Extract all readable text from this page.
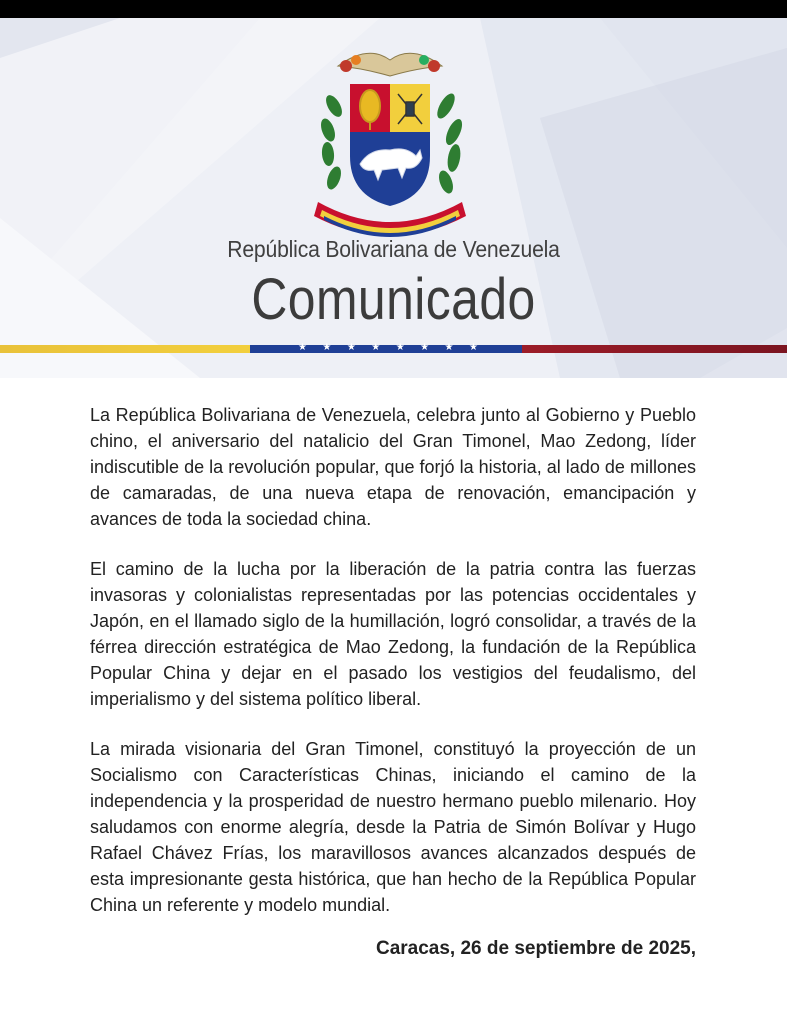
República Bolivariana de Venezuela
Comunicado
★ ★ ★ ★ ★ ★ ★ ★

La República Bolivariana de Venezuela, celebra junto al Gobierno y Pueblo chino, el aniversario del natalicio del Gran Timonel, Mao Zedong, líder indiscutible de la revolución popular, que forjó la historia, al lado de millones de camaradas, de una nueva etapa de renovación, emancipación y avances de toda la sociedad china.

El camino de la lucha por la liberación de la patria contra las fuerzas invasoras y colonialistas representadas por las potencias occidentales y Japón, en el llamado siglo de la humillación, logró consolidar, a través de la férrea dirección estratégica de Mao Zedong, la fundación de la República Popular China y dejar en el pasado los vestigios del feudalismo, del imperialismo y del sistema político liberal.

La mirada visionaria del Gran Timonel, constituyó la proyección de un Socialismo con Características Chinas, iniciando el camino de la independencia y la prosperidad de nuestro hermano pueblo milenario. Hoy saludamos con enorme alegría, desde la Patria de Simón Bolívar y Hugo Rafael Chávez Frías, los maravillosos avances alcanzados después de esta impresionante gesta histórica, que han hecho de la República Popular China un referente y modelo mundial.

Caracas, 26 de septiembre de 2025,
